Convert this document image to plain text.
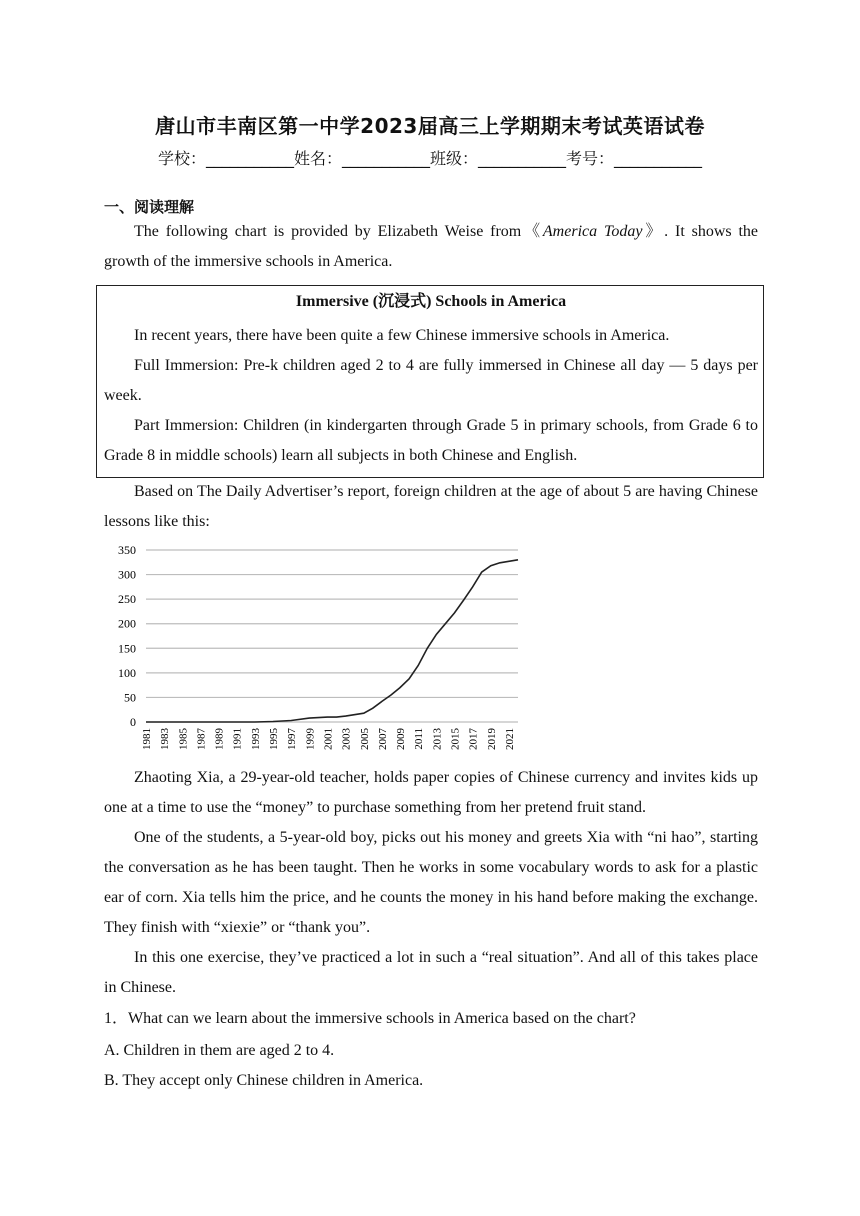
唐山市丰南区第一中学2023届高三上学期期末考试英语试卷
学校：___________姓名：___________班级：___________考号：___________
一、阅读理解

The following chart is provided by Elizabeth Weise from《America Today》. It shows the growth of the immersive schools in America.

Immersive (沉浸式) Schools in America

In recent years, there have been quite a few Chinese immersive schools in America.

Full Immersion: Pre-k children aged 2 to 4 are fully immersed in Chinese all day — 5 days per week.

Part Immersion: Children (in kindergarten through Grade 5 in primary schools, from Grade 6 to Grade 8 in middle schools) learn all subjects in both Chinese and English.

Based on The Daily Advertiser’s report, foreign children at the age of about 5 are having Chinese lessons like this:

0
50
100
150
200
250
300
350
1981 1983 1985 1987 1989 1991 1993 1995 1997 1999 2001 2003 2005 2007 2009 2011 2013 2015 2017 2019 2021

Zhaoting Xia, a 29-year-old teacher, holds paper copies of Chinese currency and invites kids up one at a time to use the “money” to purchase something from her pretend fruit stand.

One of the students, a 5-year-old boy, picks out his money and greets Xia with “ni hao”, starting the conversation as he has been taught. Then he works in some vocabulary words to ask for a plastic ear of corn. Xia tells him the price, and he counts the money in his hand before making the exchange. They finish with “xiexie” or “thank you”.

In this one exercise, they’ve practiced a lot in such a “real situation”. And all of this takes place in Chinese.

1．What can we learn about the immersive schools in America based on the chart?

A. Children in them are aged 2 to 4.

B. They accept only Chinese children in America.
